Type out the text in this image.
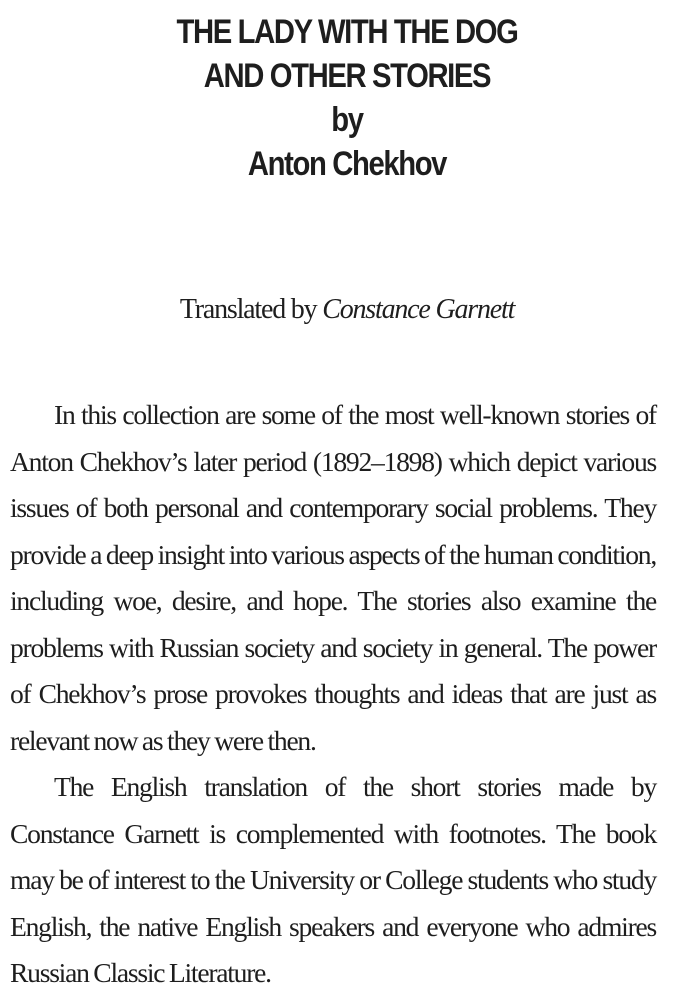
THE LADY WITH THE DOG
AND OTHER STORIES
by
Anton Chekhov
Translated by Constance Garnett

In this collection are some of the most well-known stories of Anton Chekhov’s later period (1892–1898) which depict various issues of both personal and contemporary social problems. They provide a deep insight into various aspects of the human condition, including woe, desire, and hope. The stories also examine the problems with Russian society and society in general. The power of Chekhov’s prose provokes thoughts and ideas that are just as relevant now as they were then.

The English translation of the short stories made by Constance Garnett is complemented with footnotes. The book may be of interest to the University or College students who study English, the native English speakers and everyone who admires Russian Classic Literature.
